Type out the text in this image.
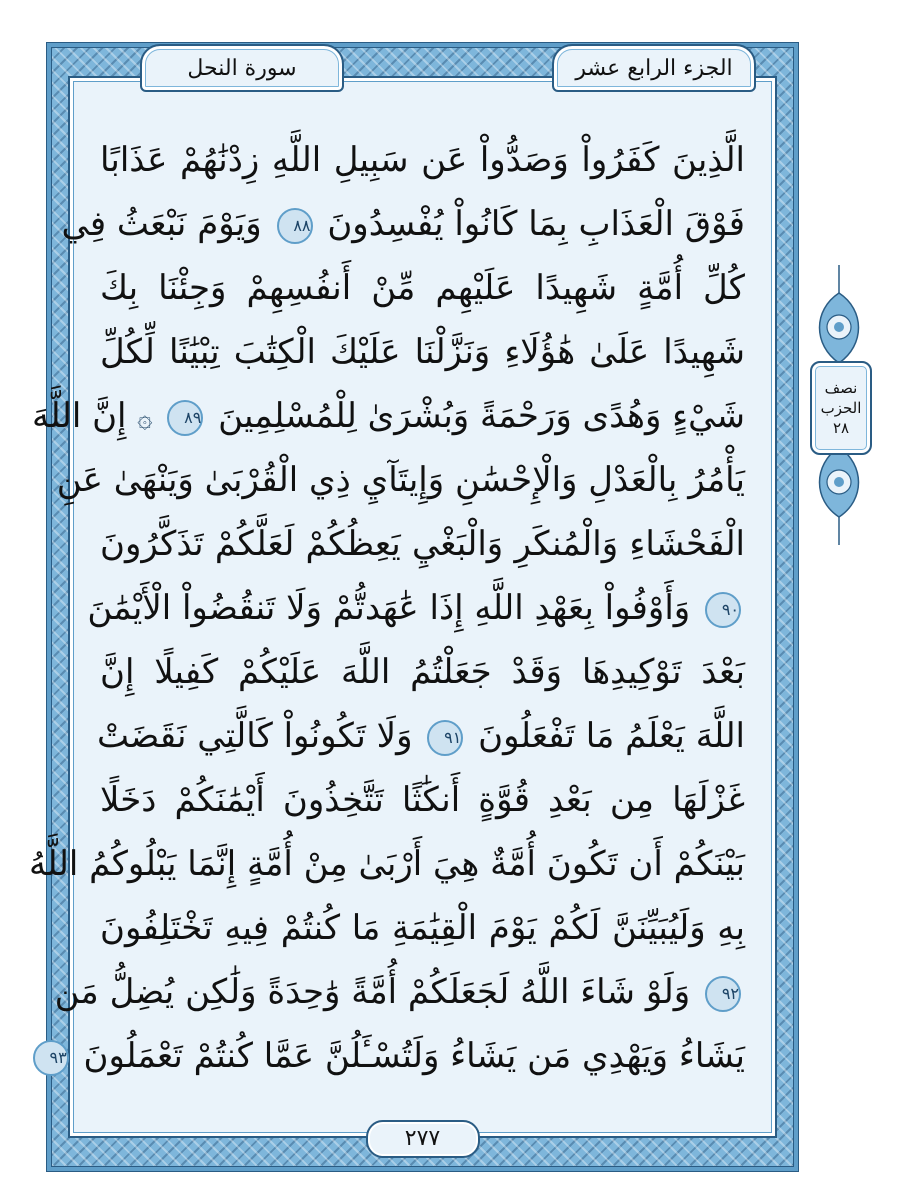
الجزء الرابع عشر
سورة النحل
الَّذِينَ كَفَرُواْ وَصَدُّواْ عَن سَبِيلِ اللَّهِ زِدْنَٰهُمْ عَذَابًا
فَوْقَ الْعَذَابِ بِمَا كَانُواْ يُفْسِدُونَ ٨٨ وَيَوْمَ نَبْعَثُ فِي
كُلِّ أُمَّةٍ شَهِيدًا عَلَيْهِم مِّنْ أَنفُسِهِمْ وَجِئْنَا بِكَ
شَهِيدًا عَلَىٰ هَٰؤُلَاءِ وَنَزَّلْنَا عَلَيْكَ الْكِتَٰبَ تِبْيَٰنًا لِّكُلِّ
شَيْءٍ وَهُدًى وَرَحْمَةً وَبُشْرَىٰ لِلْمُسْلِمِينَ ٨٩ ۞ إِنَّ اللَّهَ
يَأْمُرُ بِالْعَدْلِ وَالْإِحْسَٰنِ وَإِيتَآيِ ذِي الْقُرْبَىٰ وَيَنْهَىٰ عَنِ
الْفَحْشَاءِ وَالْمُنكَرِ وَالْبَغْيِ يَعِظُكُمْ لَعَلَّكُمْ تَذَكَّرُونَ
٩٠ وَأَوْفُواْ بِعَهْدِ اللَّهِ إِذَا عَٰهَدتُّمْ وَلَا تَنقُضُواْ الْأَيْمَٰنَ
بَعْدَ تَوْكِيدِهَا وَقَدْ جَعَلْتُمُ اللَّهَ عَلَيْكُمْ كَفِيلًا إِنَّ
اللَّهَ يَعْلَمُ مَا تَفْعَلُونَ ٩١ وَلَا تَكُونُواْ كَالَّتِي نَقَضَتْ
غَزْلَهَا مِن بَعْدِ قُوَّةٍ أَنكَٰثًا تَتَّخِذُونَ أَيْمَٰنَكُمْ دَخَلًا
بَيْنَكُمْ أَن تَكُونَ أُمَّةٌ هِيَ أَرْبَىٰ مِنْ أُمَّةٍ إِنَّمَا يَبْلُوكُمُ اللَّهُ
بِهِ وَلَيُبَيِّنَنَّ لَكُمْ يَوْمَ الْقِيَٰمَةِ مَا كُنتُمْ فِيهِ تَخْتَلِفُونَ
٩٢ وَلَوْ شَاءَ اللَّهُ لَجَعَلَكُمْ أُمَّةً وَٰحِدَةً وَلَٰكِن يُضِلُّ مَن
يَشَاءُ وَيَهْدِي مَن يَشَاءُ وَلَتُسْـَٔلُنَّ عَمَّا كُنتُمْ تَعْمَلُونَ ٩٣
٢٧٧
نصف
الحزب
٢٨
